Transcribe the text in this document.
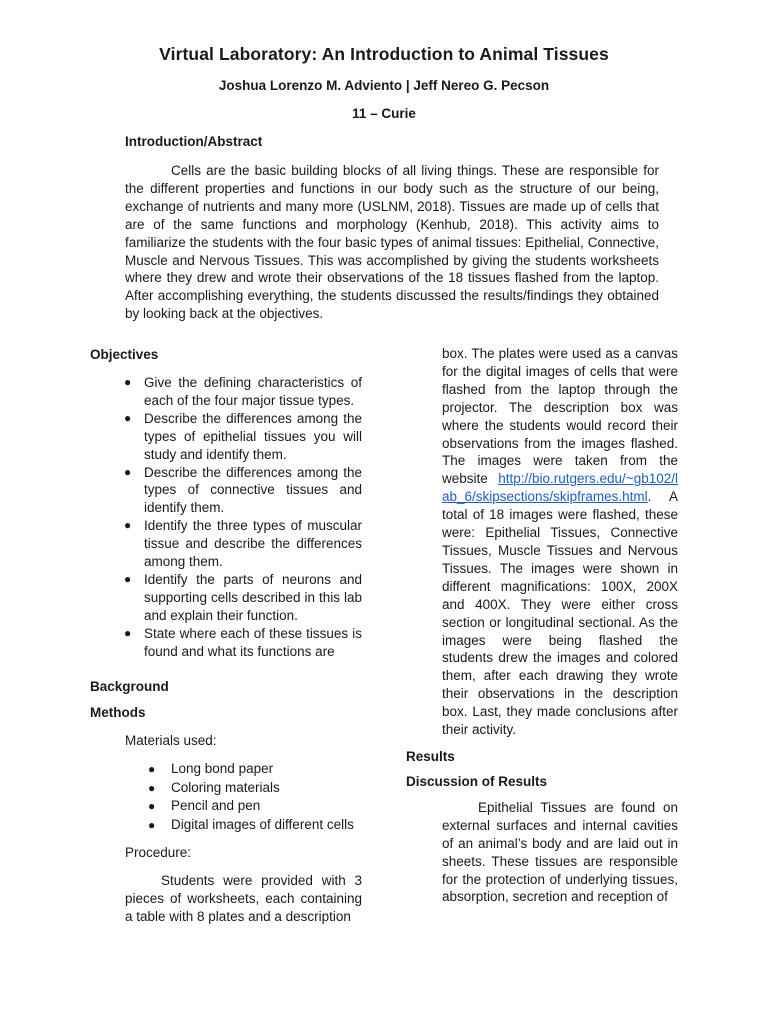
Virtual Laboratory: An Introduction to Animal Tissues
Joshua Lorenzo M. Adviento | Jeff Nereo G. Pecson
11 – Curie
Introduction/Abstract

Cells are the basic building blocks of all living things. These are responsible for the different properties and functions in our body such as the structure of our being, exchange of nutrients and many more (USLNM, 2018). Tissues are made up of cells that are of the same functions and morphology (Kenhub, 2018). This activity aims to familiarize the students with the four basic types of animal tissues: Epithelial, Connective, Muscle and Nervous Tissues. This was accomplished by giving the students worksheets where they drew and wrote their observations of the 18 tissues flashed from the laptop. After accomplishing everything, the students discussed the results/findings they obtained by looking back at the objectives.

Objectives

● Give the defining characteristics of each of the four major tissue types.
● Describe the differences among the types of epithelial tissues you will study and identify them.
● Describe the differences among the types of connective tissues and identify them.
● Identify the three types of muscular tissue and describe the differences among them.
● Identify the parts of neurons and supporting cells described in this lab and explain their function.
● State where each of these tissues is found and what its functions are

Background

Methods

Materials used:

● Long bond paper
● Coloring materials
● Pencil and pen
● Digital images of different cells

Procedure:

Students were provided with 3 pieces of worksheets, each containing a table with 8 plates and a description

box. The plates were used as a canvas for the digital images of cells that were flashed from the laptop through the projector. The description box was where the students would record their observations from the images flashed. The images were taken from the website http://bio.rutgers.edu/~gb102/lab_6/skipsections/skipframes.html. A total of 18 images were flashed, these were: Epithelial Tissues, Connective Tissues, Muscle Tissues and Nervous Tissues. The images were shown in different magnifications: 100X, 200X and 400X. They were either cross section or longitudinal sectional. As the images were being flashed the students drew the images and colored them, after each drawing they wrote their observations in the description box. Last, they made conclusions after their activity.

Results

Discussion of Results

Epithelial Tissues are found on external surfaces and internal cavities of an animal’s body and are laid out in sheets. These tissues are responsible for the protection of underlying tissues, absorption, secretion and reception of
